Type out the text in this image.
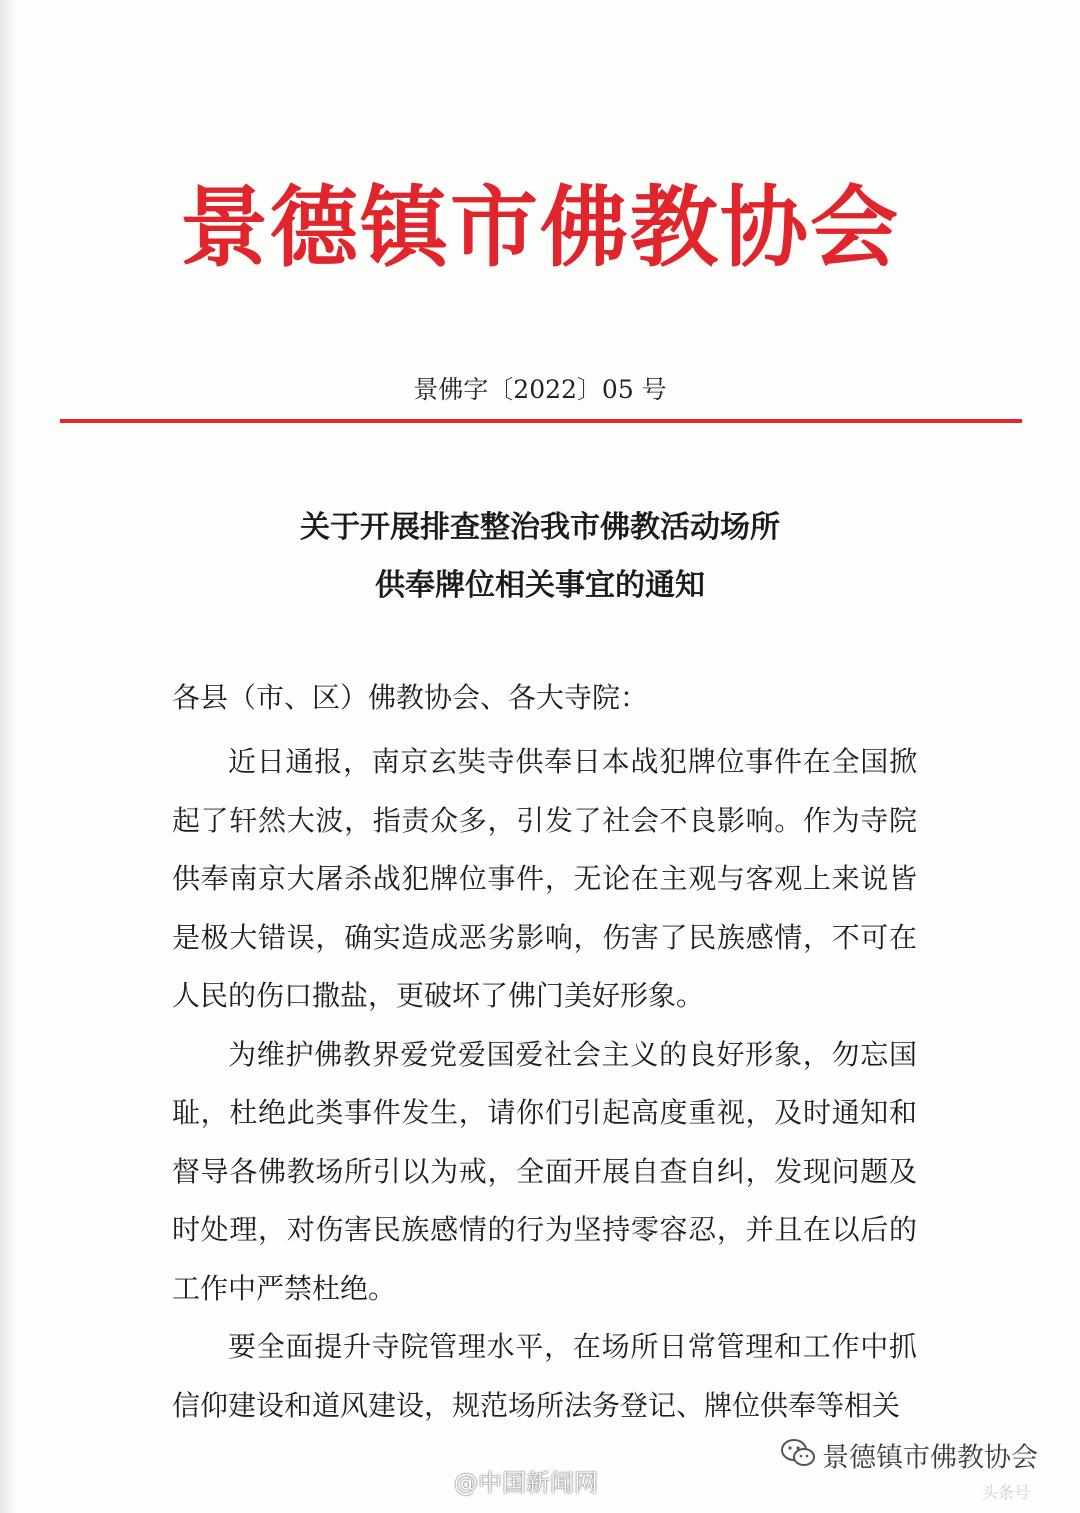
景德镇市佛教协会
景佛字〔2022〕05 号
关于开展排查整治我市佛教活动场所
供奉牌位相关事宜的通知
各县（市、区）佛教协会、各大寺院：

近日通报，南京玄奘寺供奉日本战犯牌位事件在全国掀起了轩然大波，指责众多，引发了社会不良影响。作为寺院供奉南京大屠杀战犯牌位事件，无论在主观与客观上来说皆是极大错误，确实造成恶劣影响，伤害了民族感情，不可在人民的伤口撒盐，更破坏了佛门美好形象。

为维护佛教界爱党爱国爱社会主义的良好形象，勿忘国耻，杜绝此类事件发生，请你们引起高度重视，及时通知和督导各佛教场所引以为戒，全面开展自查自纠，发现问题及时处理，对伤害民族感情的行为坚持零容忍，并且在以后的工作中严禁杜绝。

要全面提升寺院管理水平，在场所日常管理和工作中抓信仰建设和道风建设，规范场所法务登记、牌位供奉等相关

景德镇市佛教协会
@中国新闻网	头条号
